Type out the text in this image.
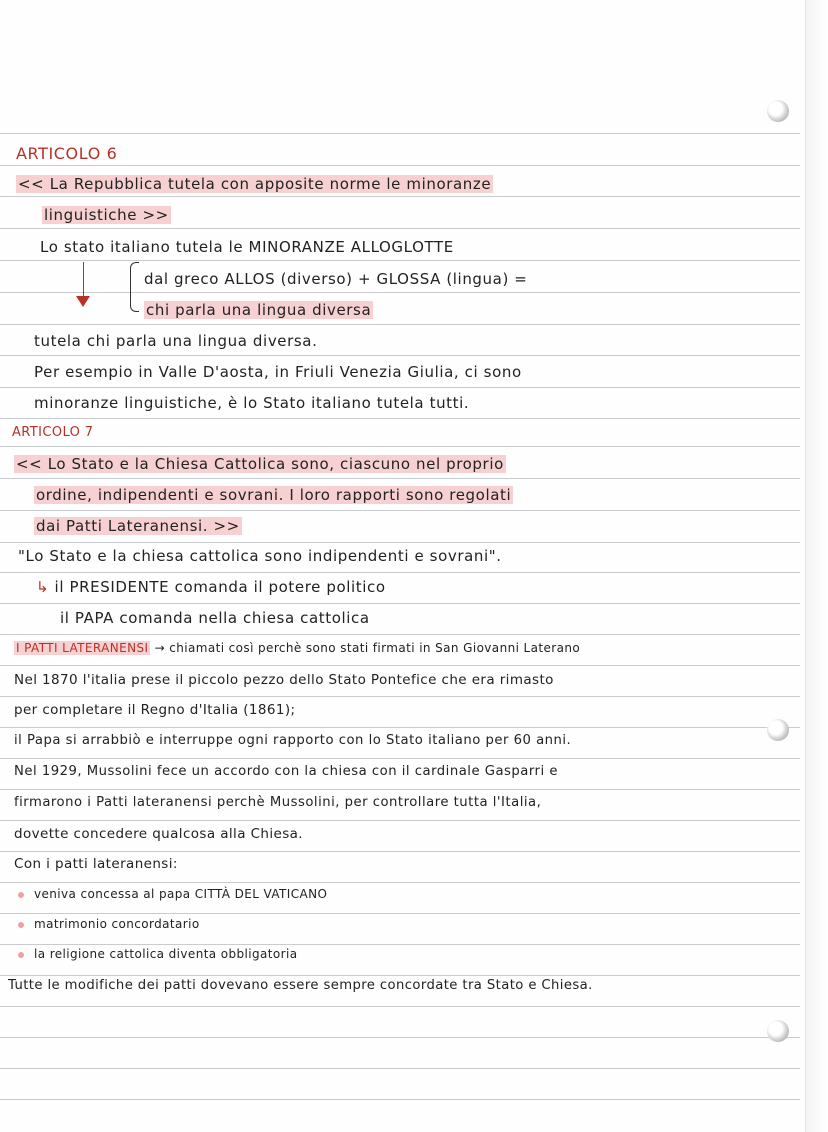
ARTICOLO 6
<< La Repubblica tutela con apposite norme le minoranze
linguistiche >>
Lo stato italiano tutela le MINORANZE ALLOGLOTTE
dal greco ALLOS (diverso) + GLOSSA (lingua) =
chi parla una lingua diversa
tutela chi parla una lingua diversa.
Per esempio in Valle D'aosta, in Friuli Venezia Giulia, ci sono
minoranze linguistiche, è lo Stato italiano tutela tutti.
ARTICOLO 7
<< Lo Stato e la Chiesa Cattolica sono, ciascuno nel proprio
ordine, indipendenti e sovrani. I loro rapporti sono regolati
dai Patti Lateranensi. >>
"Lo Stato e la chiesa cattolica sono indipendenti e sovrani".
↳ il PRESIDENTE comanda il potere politico
il PAPA comanda nella chiesa cattolica
I PATTI LATERANENSI → chiamati così perchè sono stati firmati in San Giovanni Laterano
Nel 1870 l'italia prese il piccolo pezzo dello Stato Pontefice che era rimasto
per completare il Regno d'Italia (1861);
il Papa si arrabbiò e interruppe ogni rapporto con lo Stato italiano per 60 anni.
Nel 1929, Mussolini fece un accordo con la chiesa con il cardinale Gasparri e
firmarono i Patti lateranensi perchè Mussolini, per controllare tutta l'Italia,
dovette concedere qualcosa alla Chiesa.
Con i patti lateranensi:
veniva concessa al papa CITTÀ DEL VATICANO
matrimonio concordatario
la religione cattolica diventa obbligatoria
Tutte le modifiche dei patti dovevano essere sempre concordate tra Stato e Chiesa.
